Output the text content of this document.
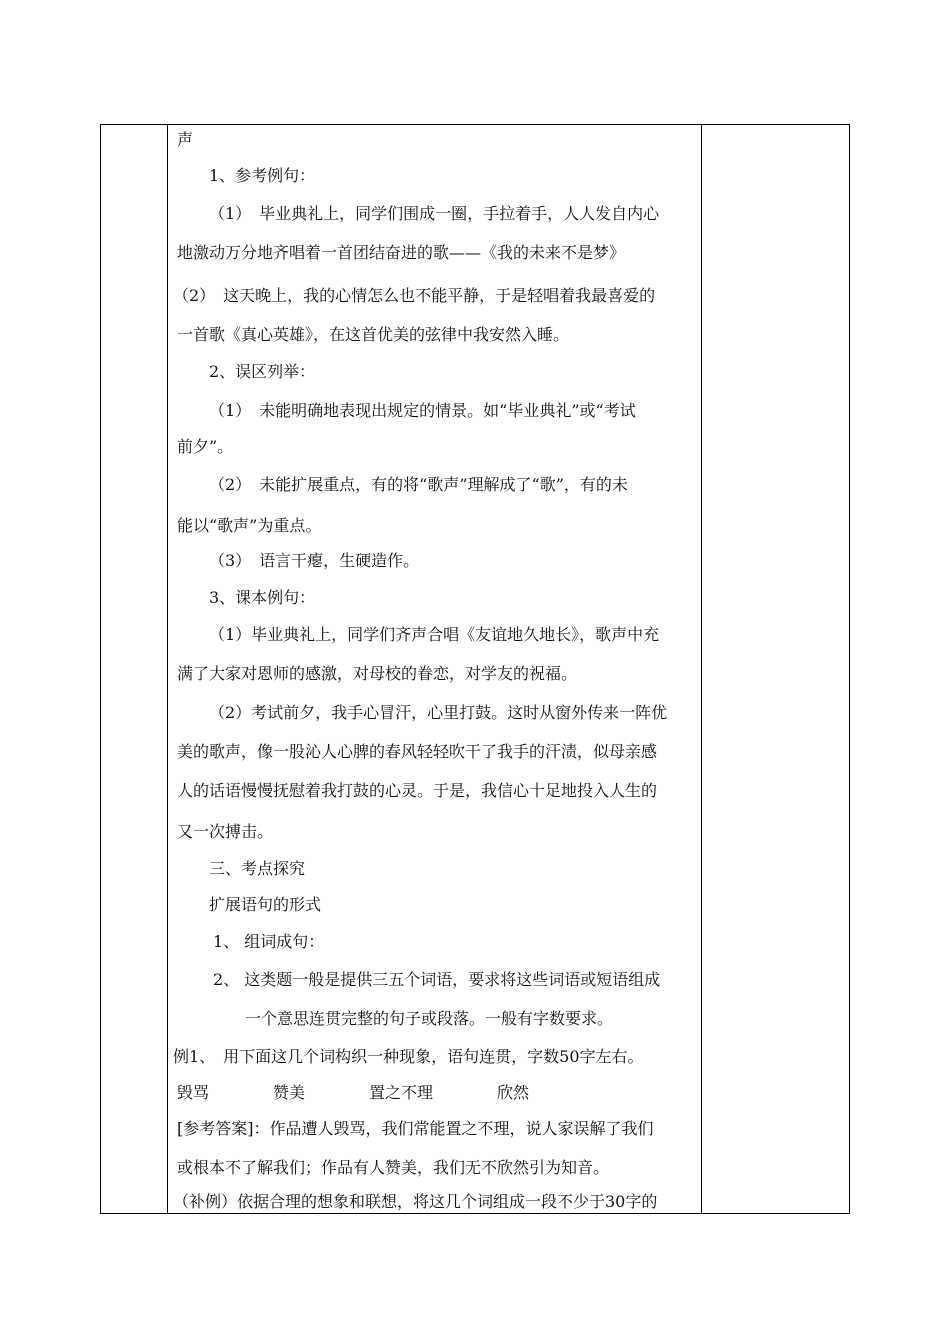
声
1、参考例句：
（1）　毕业典礼上，同学们围成一圈，手拉着手，人人发自内心
地激动万分地齐唱着一首团结奋进的歌——《我的未来不是梦》
（2）　这天晚上，我的心情怎么也不能平静，于是轻唱着我最喜爱的
一首歌《真心英雄》，在这首优美的弦律中我安然入睡。
2、误区列举：
（1）　未能明确地表现出规定的情景。如“毕业典礼”或“考试
前夕”。
（2）　未能扩展重点，有的将“歌声”理解成了“歌”，有的未
能以“歌声”为重点。
（3）　语言干瘪，生硬造作。
3、课本例句：
（1）毕业典礼上，同学们齐声合唱《友谊地久地长》，歌声中充
满了大家对恩师的感激，对母校的眷恋，对学友的祝福。
（2）考试前夕，我手心冒汗，心里打鼓。这时从窗外传来一阵优
美的歌声，像一股沁人心脾的春风轻轻吹干了我手的汗渍，似母亲感
人的话语慢慢抚慰着我打鼓的心灵。于是，我信心十足地投入人生的
又一次搏击。
三、考点探究
扩展语句的形式
1、 组词成句：
2、 这类题一般是提供三五个词语，要求将这些词语或短语组成
一个意思连贯完整的句子或段落。一般有字数要求。
例1、　用下面这几个词构织一种现象，语句连贯，字数50字左右。
毁骂　　　　赞美　　　　置之不理　　　　欣然
[参考答案]：作品遭人毁骂，我们常能置之不理，说人家误解了我们
或根本不了解我们；作品有人赞美，我们无不欣然引为知音。
（补例）依据合理的想象和联想，将这几个词组成一段不少于30字的
